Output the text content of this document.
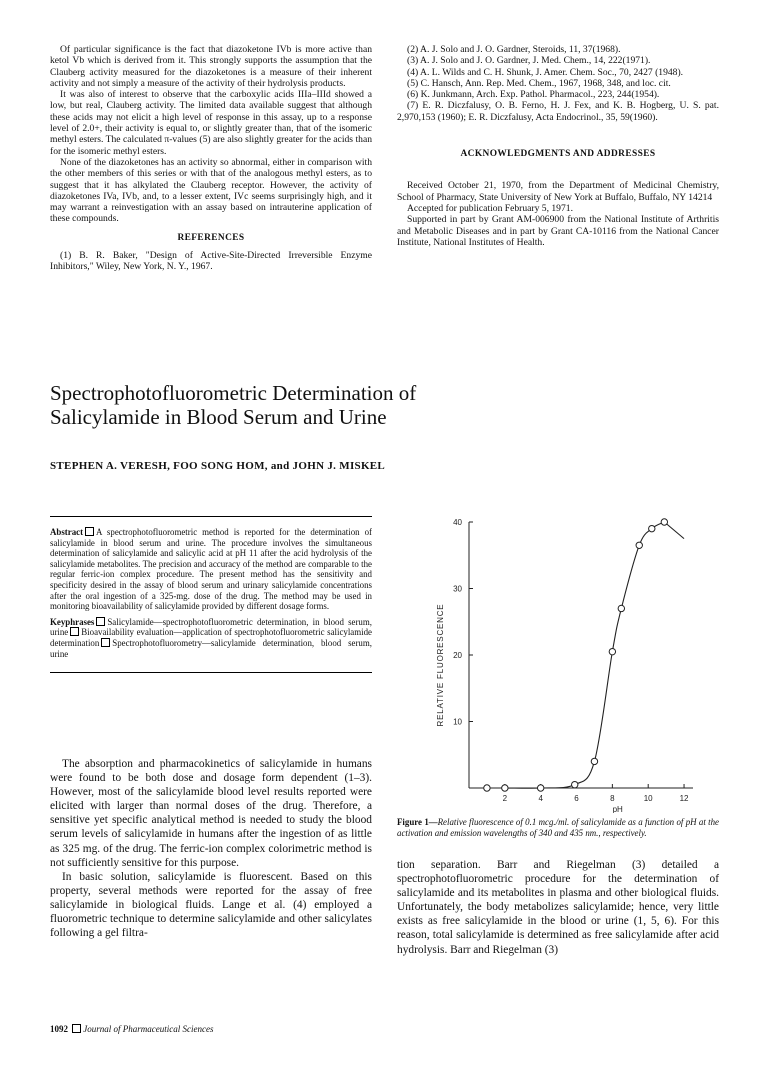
Of particular significance is the fact that diazoketone IVb is more active than ketol Vb which is derived from it. This strongly supports the assumption that the Clauberg activity measured for the diazoketones is a measure of their inherent activity and not simply a measure of the activity of their hydrolysis products.

It was also of interest to observe that the carboxylic acids IIIa–IIId showed a low, but real, Clauberg activity. The limited data available suggest that although these acids may not elicit a high level of response in this assay, up to a response level of 2.0+, their activity is equal to, or slightly greater than, that of the isomeric methyl esters. The calculated π-values (5) are also slightly greater for the acids than for the isomeric methyl esters.

None of the diazoketones has an activity so abnormal, either in comparison with the other members of this series or with that of the analogous methyl esters, as to suggest that it has alkylated the Clauberg receptor. However, the activity of diazoketones IVa, IVb, and, to a lesser extent, IVc seems surprisingly high, and it may warrant a reinvestigation with an assay based on intrauterine application of these compounds.

REFERENCES

(1) B. R. Baker, "Design of Active-Site-Directed Irreversible Enzyme Inhibitors," Wiley, New York, N. Y., 1967.

(2) A. J. Solo and J. O. Gardner, Steroids, 11, 37(1968).

(3) A. J. Solo and J. O. Gardner, J. Med. Chem., 14, 222(1971).

(4) A. L. Wilds and C. H. Shunk, J. Amer. Chem. Soc., 70, 2427 (1948).

(5) C. Hansch, Ann. Rep. Med. Chem., 1967, 1968, 348, and loc. cit.

(6) K. Junkmann, Arch. Exp. Pathol. Pharmacol., 223, 244(1954).

(7) E. R. Diczfalusy, O. B. Ferno, H. J. Fex, and K. B. Hogberg, U. S. pat. 2,970,153 (1960); E. R. Diczfalusy, Acta Endocrinol., 35, 59(1960).

ACKNOWLEDGMENTS AND ADDRESSES

Received October 21, 1970, from the Department of Medicinal Chemistry, School of Pharmacy, State University of New York at Buffalo, Buffalo, NY 14214

Accepted for publication February 5, 1971.

Supported in part by Grant AM-006900 from the National Institute of Arthritis and Metabolic Diseases and in part by Grant CA-10116 from the National Cancer Institute, National Institutes of Health.

Spectrophotofluorometric Determination of Salicylamide in Blood Serum and Urine
STEPHEN A. VERESH, FOO SONG HOM, and JOHN J. MISKEL

Abstract A spectrophotofluorometric method is reported for the determination of salicylamide in blood serum and urine. The procedure involves the simultaneous determination of salicylamide and salicylic acid at pH 11 after the acid hydrolysis of the salicylamide metabolites. The precision and accuracy of the method are comparable to the regular ferric-ion complex procedure. The present method has the sensitivity and specificity desired in the assay of blood serum and urinary salicylamide concentrations after the oral ingestion of a 325-mg. dose of the drug. The method may be used in monitoring bioavailability of salicylamide provided by different dosage forms.

Keyphrases Salicylamide—spectrophotofluorometric determination, in blood serum, urine Bioavailability evaluation—application of spectrophotofluorometric salicylamide determination Spectrophotofluorometry—salicylamide determination, blood serum, urine

The absorption and pharmacokinetics of salicylamide in humans were found to be both dose and dosage form dependent (1–3). However, most of the salicylamide blood level results reported were elicited with larger than normal doses of the drug. Therefore, a sensitive yet specific analytical method is needed to study the blood serum levels of salicylamide in humans after the ingestion of as little as 325 mg. of the drug. The ferric-ion complex colorimetric method is not sufficiently sensitive for this purpose.

In basic solution, salicylamide is fluorescent. Based on this property, several methods were reported for the assay of free salicylamide in biological fluids. Lange et al. (4) employed a fluorometric technique to determine salicylamide and other salicylates following a gel filtra-

2	4	6	8	10	12
10
20
30
40
pH
RELATIVE FLUORESCENCE
Figure 1—Relative fluorescence of 0.1 mcg./ml. of salicylamide as a function of pH at the activation and emission wavelengths of 340 and 435 nm., respectively.

tion separation. Barr and Riegelman (3) detailed a spectrophotofluorometric procedure for the determination of salicylamide and its metabolites in plasma and other biological fluids. Unfortunately, the body metabolizes salicylamide; hence, very little exists as free salicylamide in the blood or urine (1, 5, 6). For this reason, total salicylamide is determined as free salicylamide after acid hydrolysis. Barr and Riegelman (3)

1092 Journal of Pharmaceutical Sciences
